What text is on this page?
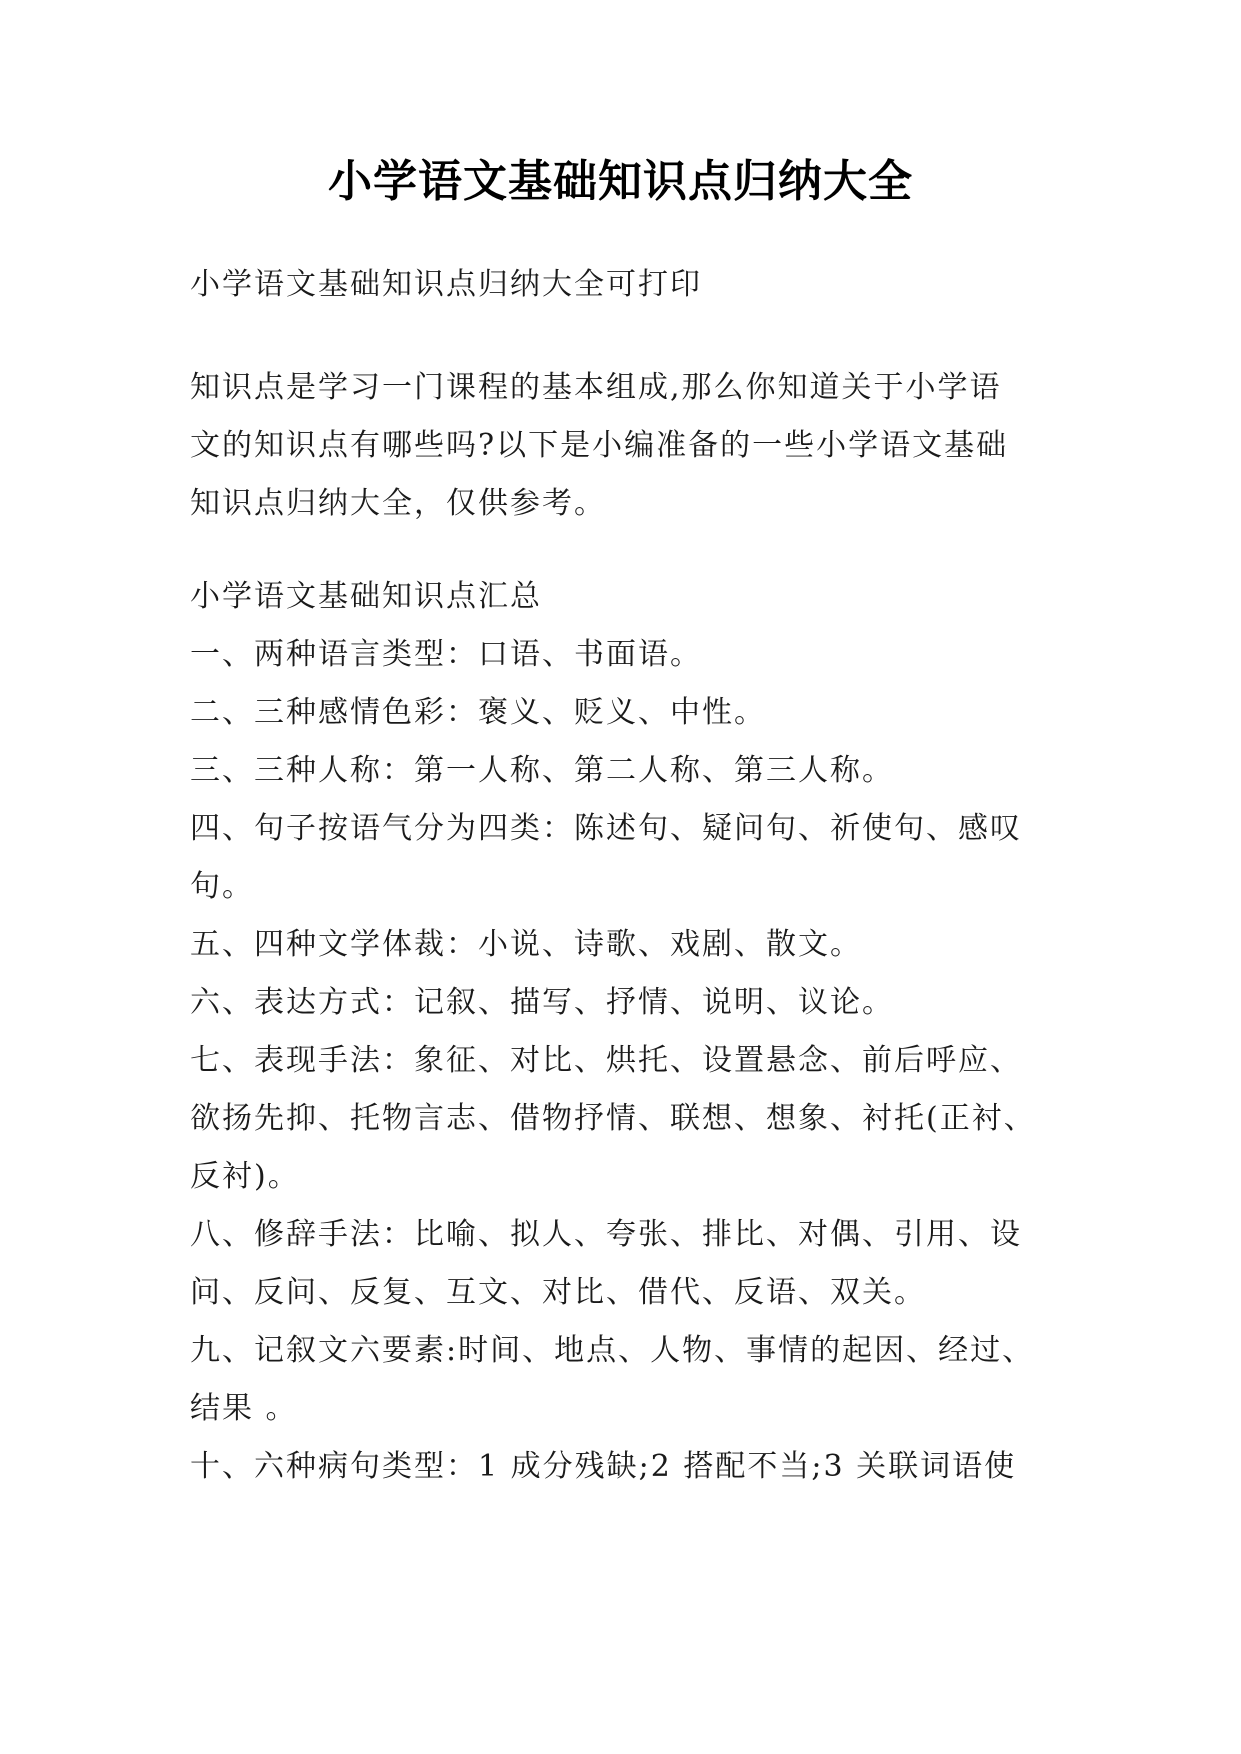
小学语文基础知识点归纳大全

小学语文基础知识点归纳大全可打印

知识点是学习一门课程的基本组成,那么你知道关于小学语

文的知识点有哪些吗?以下是小编准备的一些小学语文基础

知识点归纳大全，仅供参考。

小学语文基础知识点汇总

一、两种语言类型：口语、书面语。

二、三种感情色彩：褒义、贬义、中性。

三、三种人称：第一人称、第二人称、第三人称。

四、句子按语气分为四类：陈述句、疑问句、祈使句、感叹

句。

五、四种文学体裁：小说、诗歌、戏剧、散文。

六、表达方式：记叙、描写、抒情、说明、议论。

七、表现手法：象征、对比、烘托、设置悬念、前后呼应、

欲扬先抑、托物言志、借物抒情、联想、想象、衬托(正衬、

反衬)。

八、修辞手法：比喻、拟人、夸张、排比、对偶、引用、设

问、反问、反复、互文、对比、借代、反语、双关。

九、记叙文六要素:时间、地点、人物、事情的起因、经过、

结果 。

十、六种病句类型：1 成分残缺;2 搭配不当;3 关联词语使
